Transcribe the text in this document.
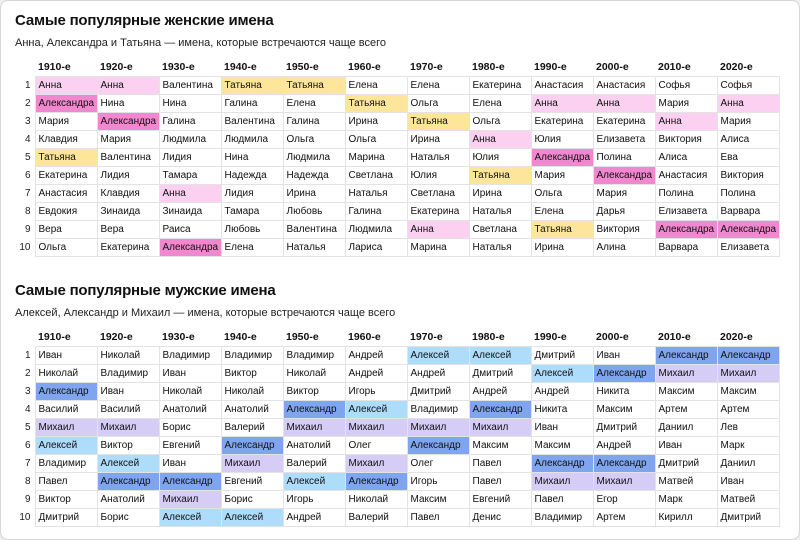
Самые популярные женские имена

Анна, Александра и Татьяна — имена, которые встречаются чаще всего

	1910-е	1920-е	1930-е	1940-е	1950-е	1960-е	1970-е	1980-е	1990-е	2000-е	2010-е	2020-е
1	Анна	Анна	Валентина	Татьяна	Татьяна	Елена	Елена	Екатерина	Анастасия	Анастасия	Софья	Софья
2	Александра	Нина	Нина	Галина	Елена	Татьяна	Ольга	Елена	Анна	Анна	Мария	Анна
3	Мария	Александра	Галина	Валентина	Галина	Ирина	Татьяна	Ольга	Екатерина	Екатерина	Анна	Мария
4	Клавдия	Мария	Людмила	Людмила	Ольга	Ольга	Ирина	Анна	Юлия	Елизавета	Виктория	Алиса
5	Татьяна	Валентина	Лидия	Нина	Людмила	Марина	Наталья	Юлия	Александра	Полина	Алиса	Ева
6	Екатерина	Лидия	Тамара	Надежда	Надежда	Светлана	Юлия	Татьяна	Мария	Александра	Анастасия	Виктория
7	Анастасия	Клавдия	Анна	Лидия	Ирина	Наталья	Светлана	Ирина	Ольга	Мария	Полина	Полина
8	Евдокия	Зинаида	Зинаида	Тамара	Любовь	Галина	Екатерина	Наталья	Елена	Дарья	Елизавета	Варвара
9	Вера	Вера	Раиса	Любовь	Валентина	Людмила	Анна	Светлана	Татьяна	Виктория	Александра	Александра
10	Ольга	Екатерина	Александра	Елена	Наталья	Лариса	Марина	Наталья	Ирина	Алина	Варвара	Елизавета
Самые популярные мужские имена

Алексей, Александр и Михаил — имена, которые встречаются чаще всего

	1910-е	1920-е	1930-е	1940-е	1950-е	1960-е	1970-е	1980-е	1990-е	2000-е	2010-е	2020-е
1	Иван	Николай	Владимир	Владимир	Владимир	Андрей	Алексей	Алексей	Дмитрий	Иван	Александр	Александр
2	Николай	Владимир	Иван	Виктор	Николай	Андрей	Андрей	Дмитрий	Алексей	Александр	Михаил	Михаил
3	Александр	Иван	Николай	Николай	Виктор	Игорь	Дмитрий	Андрей	Андрей	Никита	Максим	Максим
4	Василий	Василий	Анатолий	Анатолий	Александр	Алексей	Владимир	Александр	Никита	Максим	Артем	Артем
5	Михаил	Михаил	Борис	Валерий	Михаил	Михаил	Михаил	Михаил	Иван	Дмитрий	Даниил	Лев
6	Алексей	Виктор	Евгений	Александр	Анатолий	Олег	Александр	Максим	Максим	Андрей	Иван	Марк
7	Владимир	Алексей	Иван	Михаил	Валерий	Михаил	Олег	Павел	Александр	Александр	Дмитрий	Даниил
8	Павел	Александр	Александр	Евгений	Алексей	Александр	Игорь	Павел	Михаил	Михаил	Матвей	Иван
9	Виктор	Анатолий	Михаил	Борис	Игорь	Николай	Максим	Евгений	Павел	Егор	Марк	Матвей
10	Дмитрий	Борис	Алексей	Алексей	Андрей	Валерий	Павел	Денис	Владимир	Артем	Кирилл	Дмитрий
